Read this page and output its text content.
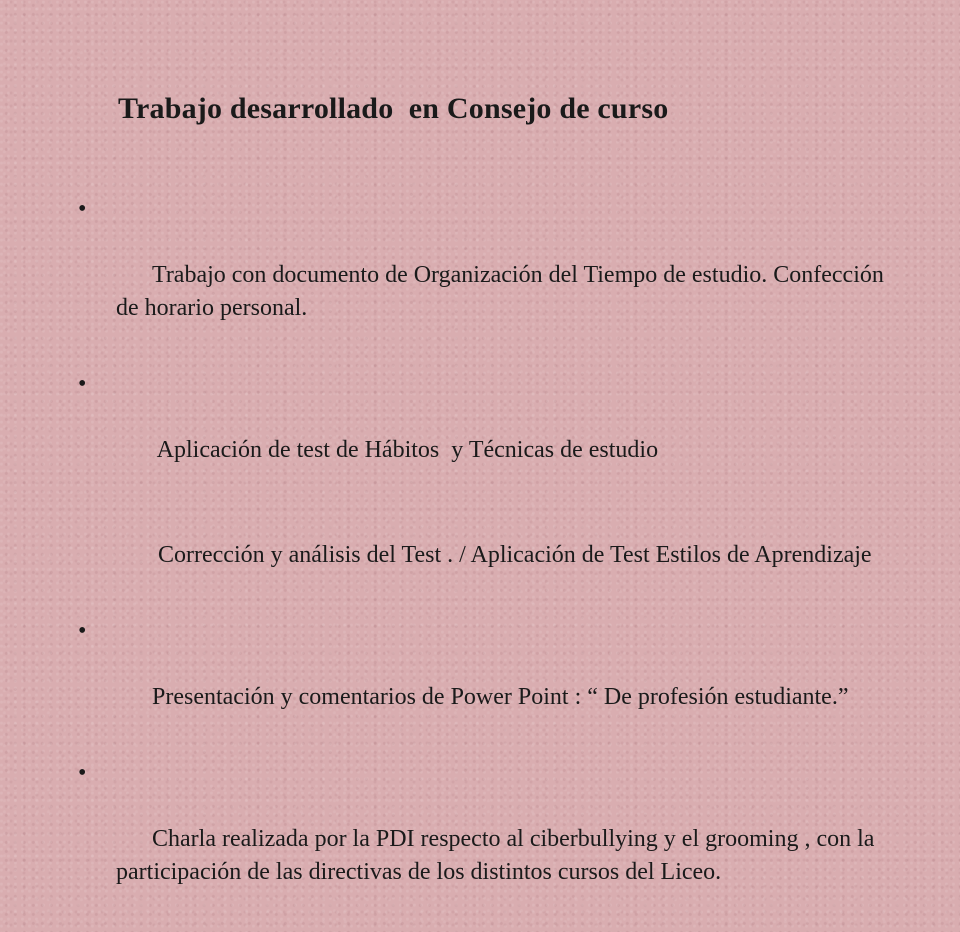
Trabajo desarrollado  en Consejo de curso

•

Trabajo con documento de Organización del Tiempo de estudio. Confección de horario personal.

•

Aplicación de test de Hábitos  y Técnicas de estudio

Corrección y análisis del Test . / Aplicación de Test Estilos de Aprendizaje

•

Presentación y comentarios de Power Point : “ De profesión estudiante.”

•

Charla realizada por la PDI respecto al ciberbullying y el grooming , con la participación de las directivas de los distintos cursos del Liceo.
